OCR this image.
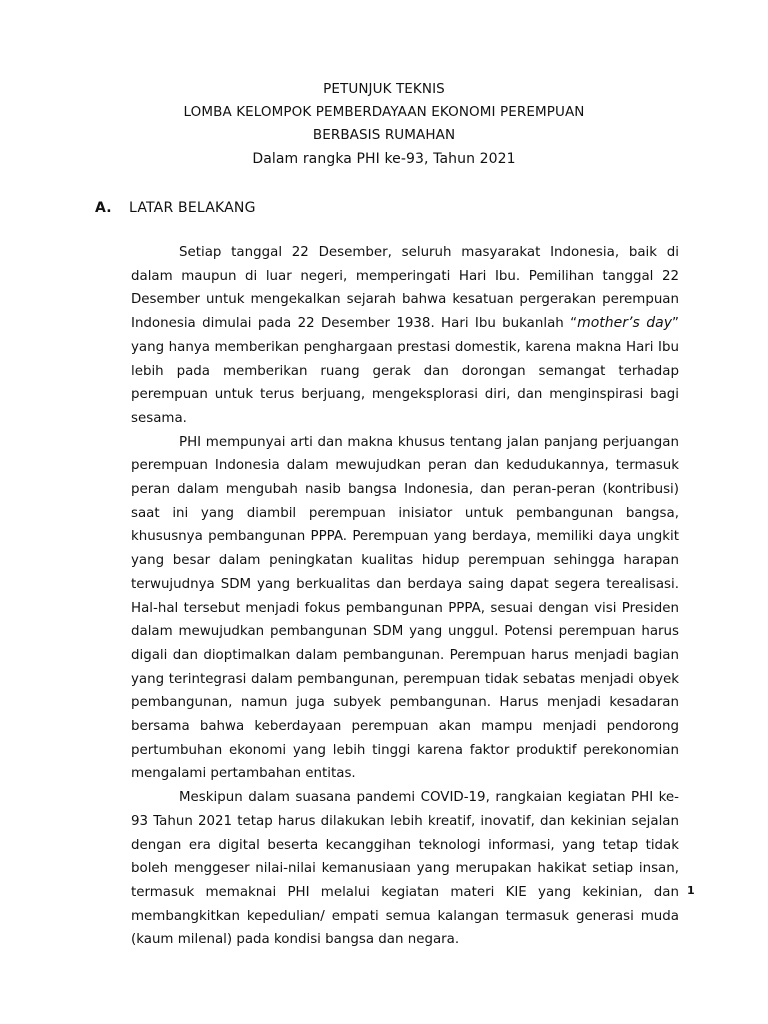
PETUNJUK TEKNIS
LOMBA KELOMPOK PEMBERDAYAAN EKONOMI PEREMPUAN
BERBASIS RUMAHAN
Dalam rangka PHI ke-93, Tahun 2021
A. LATAR BELAKANG

Setiap tanggal 22 Desember, seluruh masyarakat Indonesia, baik di dalam maupun di luar negeri, memperingati Hari Ibu. Pemilihan tanggal 22 Desember untuk mengekalkan sejarah bahwa kesatuan pergerakan perempuan Indonesia dimulai pada 22 Desember 1938. Hari Ibu bukanlah “mother’s day” yang hanya memberikan penghargaan prestasi domestik, karena makna Hari Ibu lebih pada memberikan ruang gerak dan dorongan semangat terhadap perempuan untuk terus berjuang, mengeksplorasi diri, dan menginspirasi bagi sesama.

PHI mempunyai arti dan makna khusus tentang jalan panjang perjuangan perempuan Indonesia dalam mewujudkan peran dan kedudukannya, termasuk peran dalam mengubah nasib bangsa Indonesia, dan peran-peran (kontribusi) saat ini yang diambil perempuan inisiator untuk pembangunan bangsa, khususnya pembangunan PPPA. Perempuan yang berdaya, memiliki daya ungkit yang besar dalam peningkatan kualitas hidup perempuan sehingga harapan terwujudnya SDM yang berkualitas dan berdaya saing dapat segera terealisasi. Hal-hal tersebut menjadi fokus pembangunan PPPA, sesuai dengan visi Presiden dalam mewujudkan pembangunan SDM yang unggul. Potensi perempuan harus digali dan dioptimalkan dalam pembangunan. Perempuan harus menjadi bagian yang terintegrasi dalam pembangunan, perempuan tidak sebatas menjadi obyek pembangunan, namun juga subyek pembangunan. Harus menjadi kesadaran bersama bahwa keberdayaan perempuan akan mampu menjadi pendorong pertumbuhan ekonomi yang lebih tinggi karena faktor produktif perekonomian mengalami pertambahan entitas.

Meskipun dalam suasana pandemi COVID-19, rangkaian kegiatan PHI ke-93 Tahun 2021 tetap harus dilakukan lebih kreatif, inovatif, dan kekinian sejalan dengan era digital beserta kecanggihan teknologi informasi, yang tetap tidak boleh menggeser nilai-nilai kemanusiaan yang merupakan hakikat setiap insan, termasuk memaknai PHI melalui kegiatan materi KIE yang kekinian, dan membangkitkan kepedulian/ empati semua kalangan termasuk generasi muda (kaum milenal) pada kondisi bangsa dan negara.

1
